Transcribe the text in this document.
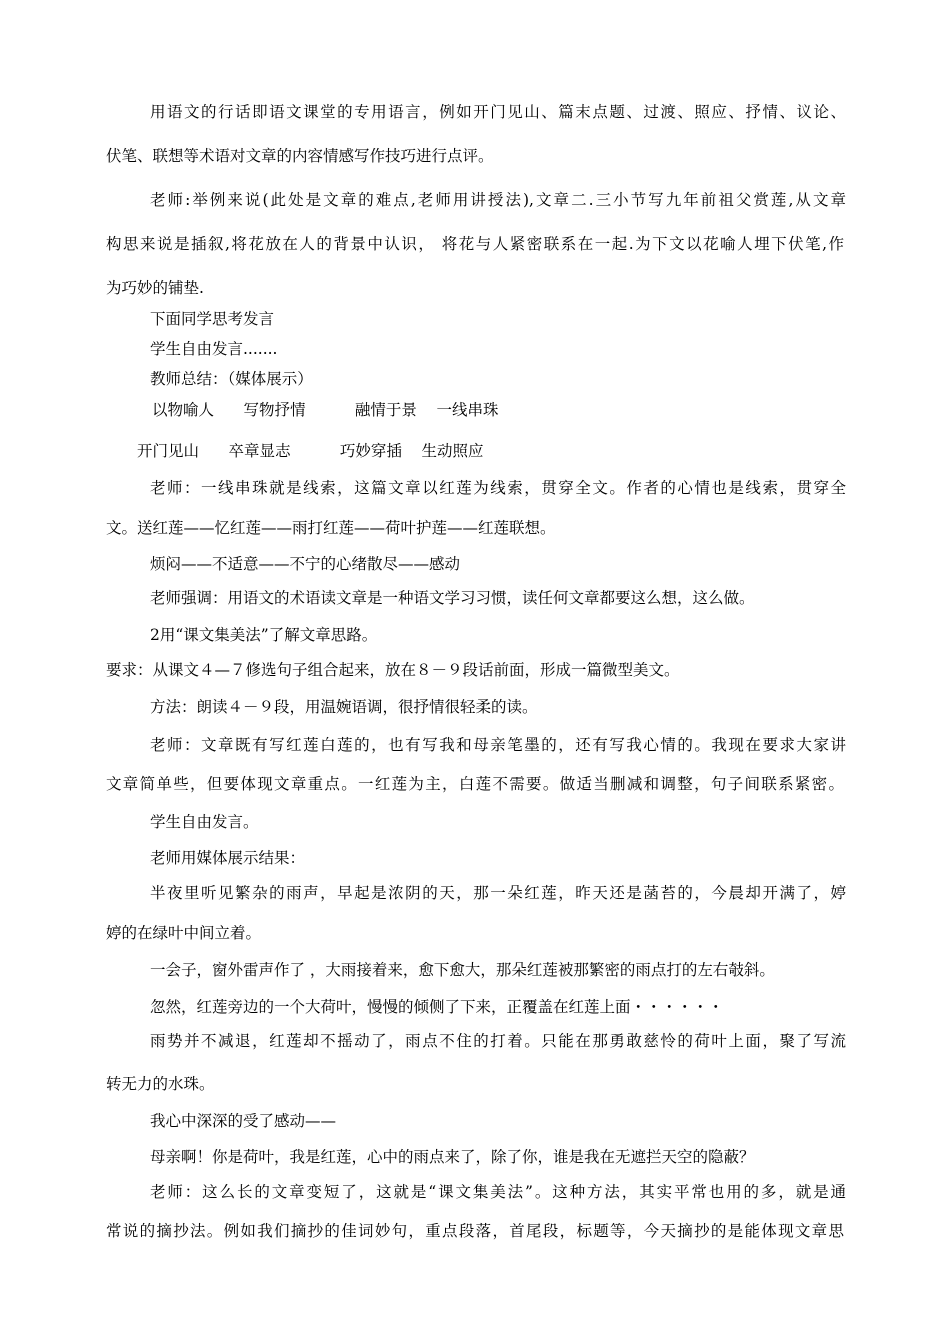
用语文的行话即语文课堂的专用语言，例如开门见山、篇末点题、过渡、照应、抒情、议论、
伏笔、联想等术语对文章的内容情感写作技巧进行点评。
老师:举例来说(此处是文章的难点,老师用讲授法),文章二.三小节写九年前祖父赏莲,从文章
构思来说是插叙,将花放在人的背景中认识， 将花与人紧密联系在一起.为下文以花喻人埋下伏笔,作
为巧妙的铺垫.
下面同学思考发言
学生自由发言.......
教师总结：（媒体展示）
以物喻人      写物抒情          融情于景    一线串珠
开门见山      卒章显志          巧妙穿插    生动照应
老师：一线串珠就是线索，这篇文章以红莲为线索，贯穿全文。作者的心情也是线索，贯穿全
文。送红莲——忆红莲——雨打红莲——荷叶护莲——红莲联想。
烦闷——不适意——不宁的心绪散尽——感动
老师强调：用语文的术语读文章是一种语文学习习惯，读任何文章都要这么想，这么做。
2用“课文集美法”了解文章思路。
要求：从课文４—７修选句子组合起来，放在８－９段话前面，形成一篇微型美文。
方法：朗读４－９段，用温婉语调，很抒情很轻柔的读。
老师：文章既有写红莲白莲的，也有写我和母亲笔墨的，还有写我心情的。我现在要求大家讲
文章简单些，但要体现文章重点。一红莲为主，白莲不需要。做适当删减和调整，句子间联系紧密。
学生自由发言。
老师用媒体展示结果：
半夜里听见繁杂的雨声，早起是浓阴的天，那一朵红莲，昨天还是菡苔的，今晨却开满了，婷
婷的在绿叶中间立着。
一会子，窗外雷声作了 ，大雨接着来，愈下愈大，那朵红莲被那繁密的雨点打的左右攲斜。
忽然，红莲旁边的一个大荷叶，慢慢的倾侧了下来，正覆盖在红莲上面・・・・・・
雨势并不减退，红莲却不摇动了，雨点不住的打着。只能在那勇敢慈怜的荷叶上面，聚了写流
转无力的水珠。
我心中深深的受了感动——
母亲啊！你是荷叶，我是红莲，心中的雨点来了，除了你，谁是我在无遮拦天空的隐蔽？
老师：这么长的文章变短了，这就是“课文集美法”。这种方法，其实平常也用的多，就是通
常说的摘抄法。例如我们摘抄的佳词妙句，重点段落，首尾段，标题等，今天摘抄的是能体现文章思
